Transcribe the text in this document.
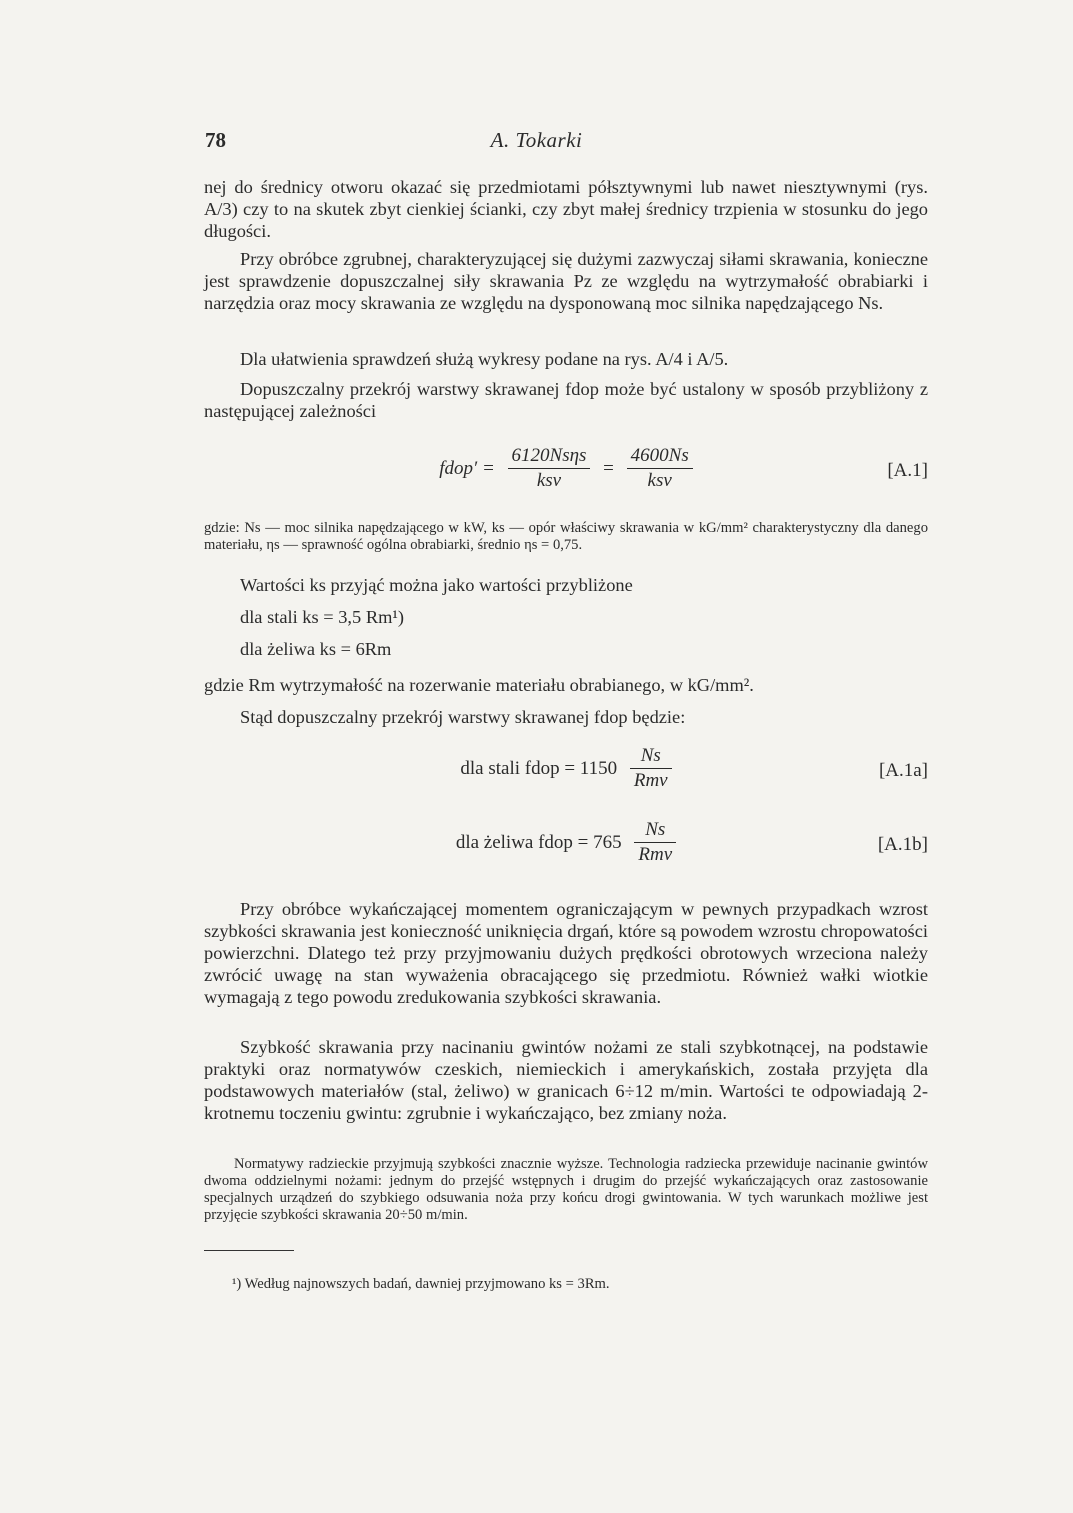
A. Tokarki
78

nej do średnicy otworu okazać się przedmiotami półsztywnymi lub nawet niesztywnymi (rys. A/3) czy to na skutek zbyt cienkiej ścianki, czy zbyt małej średnicy trzpienia w stosunku do jego długości.

Przy obróbce zgrubnej, charakteryzującej się dużymi zazwyczaj siłami skrawania, konieczne jest sprawdzenie dopuszczalnej siły skrawania Pz ze względu na wytrzymałość obrabiarki i narzędzia oraz mocy skrawania ze względu na dysponowaną moc silnika napędzającego Ns.

Dla ułatwienia sprawdzeń służą wykresy podane na rys. A/4 i A/5.

Dopuszczalny przekrój warstwy skrawanej fdop może być ustalony w sposób przybliżony z następującej zależności

fdop′ = $\frac{\text{6120Nsηs}}{\text{ksv}} = \frac{4600Ns}{\text{ksv}}$	[A.1]

gdzie: Ns — moc silnika napędzającego w kW, ks — opór właściwy skrawania w kG/mm² charakterystyczny dla danego materiału, ηs — sprawność ogólna obrabiarki, średnio ηs = 0,75.

Wartości ks przyjąć można jako wartości przybliżone

dla stali ks = 3,5 Rm¹)

dla żeliwa ks = 6Rm

gdzie Rm wytrzymałość na rozerwanie materiału obrabianego, w kG/mm².

Stąd dopuszczalny przekrój warstwy skrawanej fdop będzie:

dla stali fdop = $1150 \frac{Ns}{\text{Rmv}}$	[A.1a]
dla żeliwa fdop = $765 \frac{Ns}{\text{Rmv}}$	[A.1b]

Przy obróbce wykańczającej momentem ograniczającym w pewnych przypadkach wzrost szybkości skrawania jest konieczność uniknięcia drgań, które są powodem wzrostu chropowatości powierzchni. Dlatego też przy przyjmowaniu dużych prędkości obrotowych wrzeciona należy zwrócić uwagę na stan wyważenia obracającego się przedmiotu. Również wałki wiotkie wymagają z tego powodu zredukowania szybkości skrawania.

Szybkość skrawania przy nacinaniu gwintów nożami ze stali szybkotnącej, na podstawie praktyki oraz normatywów czeskich, niemieckich i amerykańskich, została przyjęta dla podstawowych materiałów (stal, żeliwo) w granicach 6÷12 m/min. Wartości te odpowiadają 2-krotnemu toczeniu gwintu: zgrubnie i wykańczająco, bez zmiany noża.

Normatywy radzieckie przyjmują szybkości znacznie wyższe. Technologia radziecka przewiduje nacinanie gwintów dwoma oddzielnymi nożami: jednym do przejść wstępnych i drugim do przejść wykańczających oraz zastosowanie specjalnych urządzeń do szybkiego odsuwania noża przy końcu drogi gwintowania. W tych warunkach możliwe jest przyjęcie szybkości skrawania 20÷50 m/min.

¹) Według najnowszych badań, dawniej przyjmowano ks = 3Rm.
